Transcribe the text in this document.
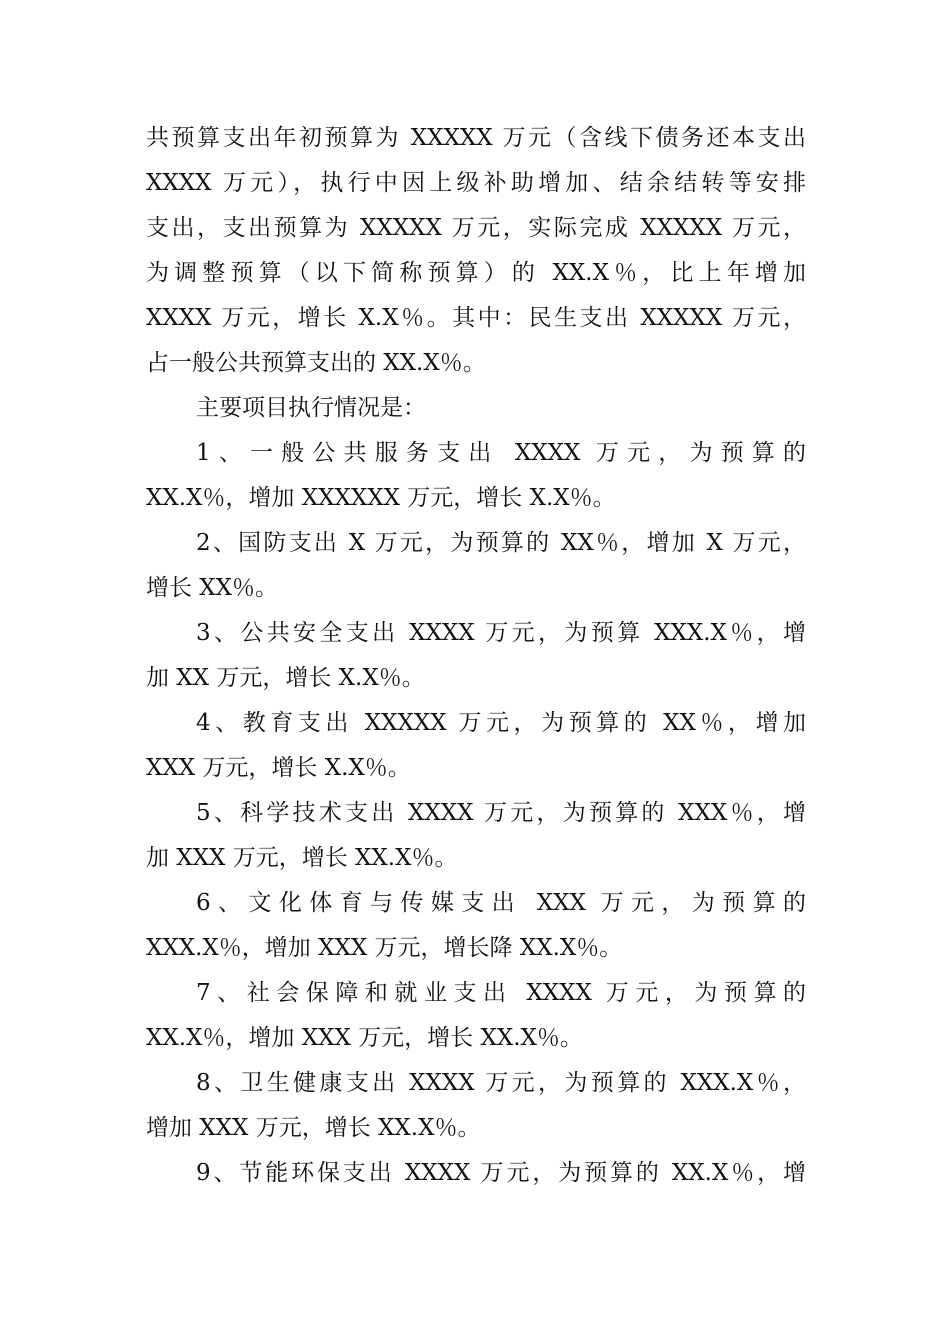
共预算支出年初预算为 XXXXX 万元（含线下债务还本支出
XXXX 万元），执行中因上级补助增加、结余结转等安排
支出，支出预算为 XXXXX 万元，实际完成 XXXXX 万元，
为调整预算（以下简称预算）的 XX.X％，比上年增加
XXXX 万元，增长 X.X％。其中：民生支出 XXXXX 万元，
占一般公共预算支出的 XX.X％。
主要项目执行情况是：
1、一般公共服务支出 XXXX 万元，为预算的
XX.X％，增加 XXXXXX 万元，增长 X.X％。
2、国防支出 X 万元，为预算的 XX％，增加 X 万元，
增长 XX％。
3、公共安全支出 XXXX 万元，为预算 XXX.X％，增
加 XX 万元，增长 X.X％。
4、教育支出 XXXXX 万元，为预算的 XX％，增加
XXX 万元，增长 X.X％。
5、科学技术支出 XXXX 万元，为预算的 XXX％，增
加 XXX 万元，增长 XX.X％。
6、文化体育与传媒支出 XXX 万元，为预算的
XXX.X％，增加 XXX 万元，增长降 XX.X％。
7、社会保障和就业支出 XXXX 万元，为预算的
XX.X％，增加 XXX 万元，增长 XX.X％。
8、卫生健康支出 XXXX 万元，为预算的 XXX.X％，
增加 XXX 万元，增长 XX.X％。
9、节能环保支出 XXXX 万元，为预算的 XX.X％，增
